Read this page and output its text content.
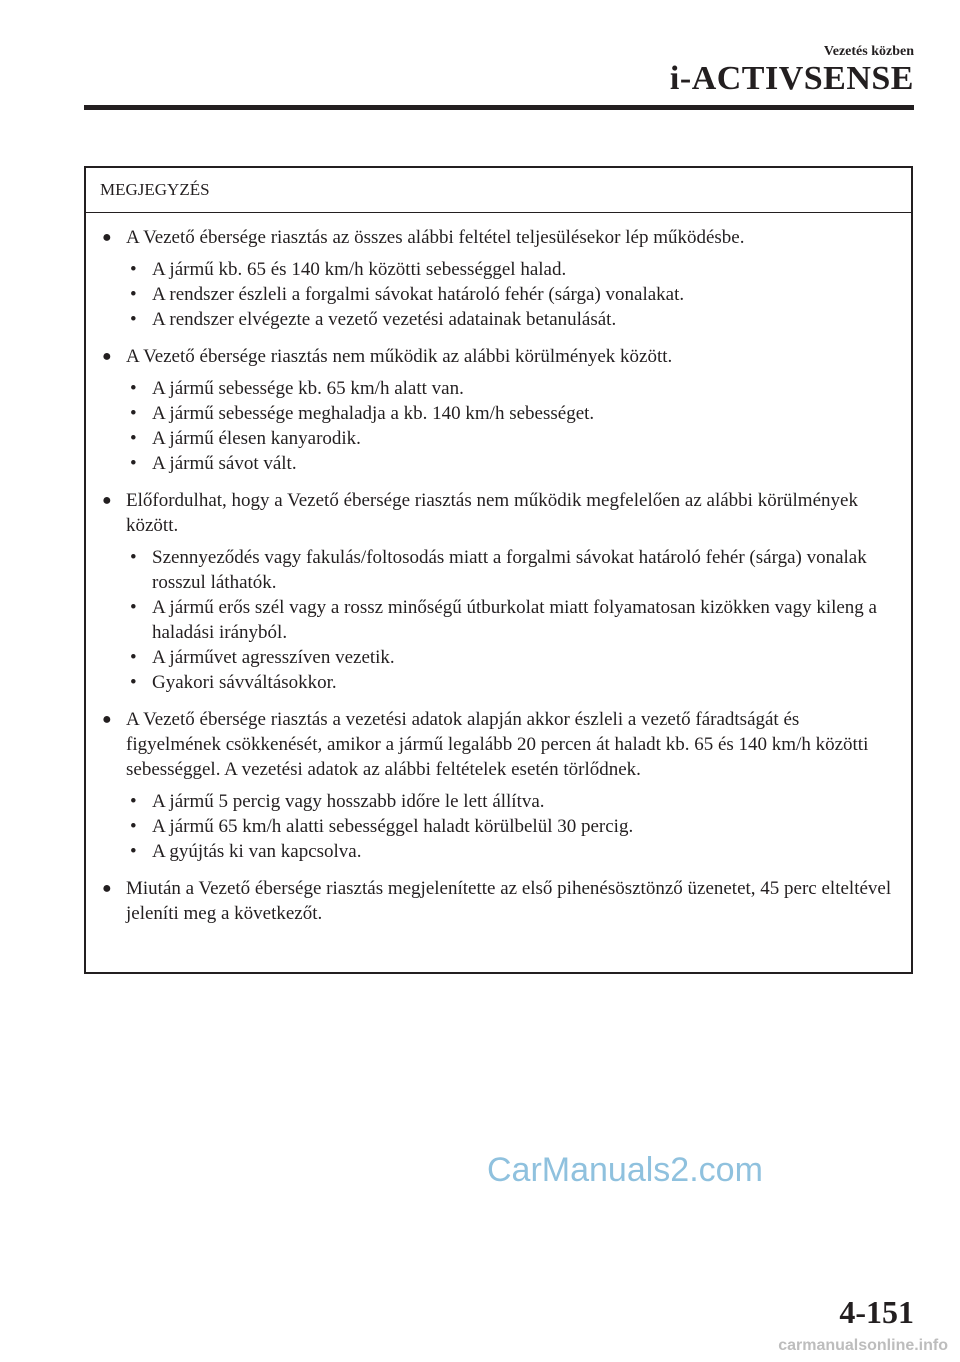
Vezetés közben
i-ACTIVSENSE
MEGJEGYZÉS
● A Vezető ébersége riasztás az összes alábbi feltétel teljesülésekor lép működésbe.
• A jármű kb. 65 és 140 km/h közötti sebességgel halad.
• A rendszer észleli a forgalmi sávokat határoló fehér (sárga) vonalakat.
• A rendszer elvégezte a vezető vezetési adatainak betanulását.
● A Vezető ébersége riasztás nem működik az alábbi körülmények között.
• A jármű sebessége kb. 65 km/h alatt van.
• A jármű sebessége meghaladja a kb. 140 km/h sebességet.
• A jármű élesen kanyarodik.
• A jármű sávot vált.
● Előfordulhat, hogy a Vezető ébersége riasztás nem működik megfelelően az alábbi körülmények között.
• Szennyeződés vagy fakulás/foltosodás miatt a forgalmi sávokat határoló fehér (sárga) vonalak rosszul láthatók.
• A jármű erős szél vagy a rossz minőségű útburkolat miatt folyamatosan kizökken vagy kileng a haladási irányból.
• A járművet agresszíven vezetik.
• Gyakori sávváltásokkor.
● A Vezető ébersége riasztás a vezetési adatok alapján akkor észleli a vezető fáradtságát és figyelmének csökkenését, amikor a jármű legalább 20 percen át haladt kb. 65 és 140 km/h közötti sebességgel. A vezetési adatok az alábbi feltételek esetén törlődnek.
• A jármű 5 percig vagy hosszabb időre le lett állítva.
• A jármű 65 km/h alatti sebességgel haladt körülbelül 30 percig.
• A gyújtás ki van kapcsolva.
● Miután a Vezető ébersége riasztás megjelenítette az első pihenésösztönző üzenetet, 45 perc elteltével jeleníti meg a következőt.
CarManuals2.com
4-151
carmanualsonline.info
